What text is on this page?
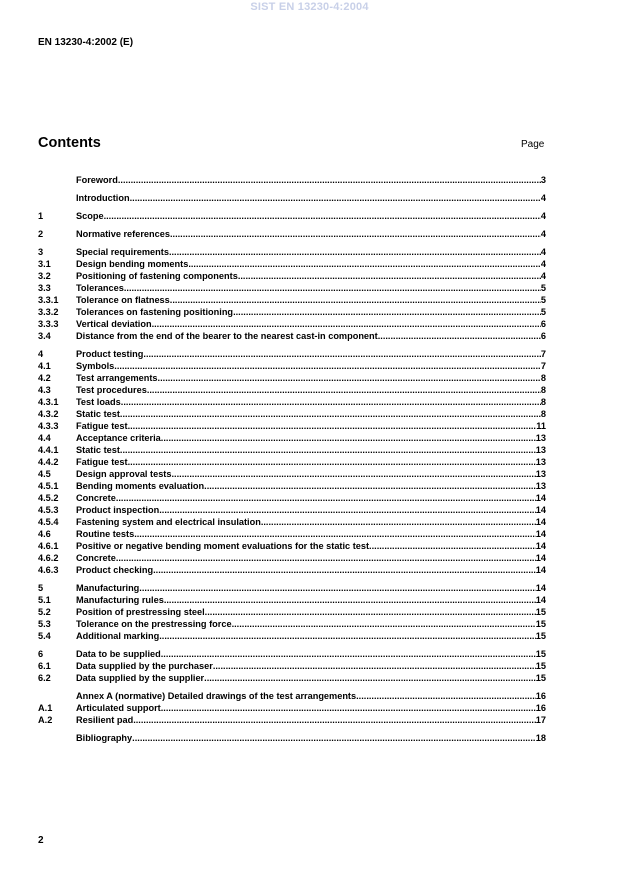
SIST EN 13230-4:2004
EN 13230-4:2002 (E)
Contents	Page
Foreword .....	3
Introduction .....	4
1	Scope .....	4
2	Normative references .....	4
3	Special requirements .....	4
3.1	Design bending moments .....	4
3.2	Positioning of fastening components .....	4
3.3	Tolerances .....	5
3.3.1	Tolerance on flatness .....	5
3.3.2	Tolerances on fastening positioning .....	5
3.3.3	Vertical deviation .....	6
3.4	Distance from the end of the bearer to the nearest cast-in component .....	6
4	Product testing .....	7
4.1	Symbols .....	7
4.2	Test arrangements .....	8
4.3	Test procedures .....	8
4.3.1	Test loads .....	8
4.3.2	Static test .....	8
4.3.3	Fatigue test .....	11
4.4	Acceptance criteria .....	13
4.4.1	Static test .....	13
4.4.2	Fatigue test .....	13
4.5	Design approval tests .....	13
4.5.1	Bending moments evaluation .....	13
4.5.2	Concrete .....	14
4.5.3	Product inspection .....	14
4.5.4	Fastening system and electrical insulation .....	14
4.6	Routine tests .....	14
4.6.1	Positive or negative bending moment evaluations for the static test .....	14
4.6.2	Concrete .....	14
4.6.3	Product checking .....	14
5	Manufacturing .....	14
5.1	Manufacturing rules .....	14
5.2	Position of prestressing steel .....	15
5.3	Tolerance on the prestressing force .....	15
5.4	Additional marking .....	15
6	Data to be supplied .....	15
6.1	Data supplied by the purchaser .....	15
6.2	Data supplied by the supplier .....	15
Annex A (normative) Detailed drawings of the test arrangements .....	16
A.1	Articulated support .....	16
A.2	Resilient pad .....	17
Bibliography .....	18
2
